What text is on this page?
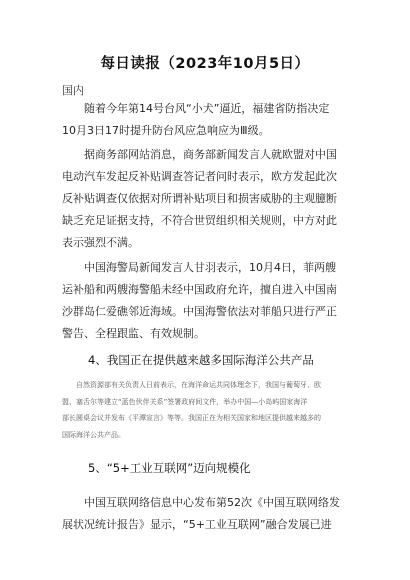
每日读报（2023年10月5日）
国内
随着今年第14号台风“小犬”逼近，福建省防指决定
10月3日17时提升防台风应急响应为Ⅲ级。
据商务部网站消息，商务部新闻发言人就欧盟对中国
电动汽车发起反补贴调查答记者问时表示，欧方发起此次
反补贴调查仅依据对所谓补贴项目和损害威胁的主观臆断
缺乏充足证据支持，不符合世贸组织相关规则，中方对此
表示强烈不满。
中国海警局新闻发言人甘羽表示，10月4日，菲两艘
运补船和两艘海警船未经中国政府允许，擅自进入中国南
沙群岛仁爱礁邻近海域。中国海警依法对菲船只进行严正
警告、全程跟监、有效规制。
4、我国正在提供越来越多国际海洋公共产品
自然资源部有关负责人日前表示，在海洋命运共同体理念下，我国与葡萄牙、欧
盟、塞舌尔等建立“蓝色伙伴关系”签署政府间文件，举办中国—小岛屿国家海洋
部长圆桌会议并发布《平潭宣言》等等。我国正在为相关国家和地区提供越来越多的
国际海洋公共产品。
5、“5+工业互联网”迈向规模化
中国互联网络信息中心发布第52次《中国互联网络发
展状况统计报告》显示，“5+工业互联网”融合发展已进
